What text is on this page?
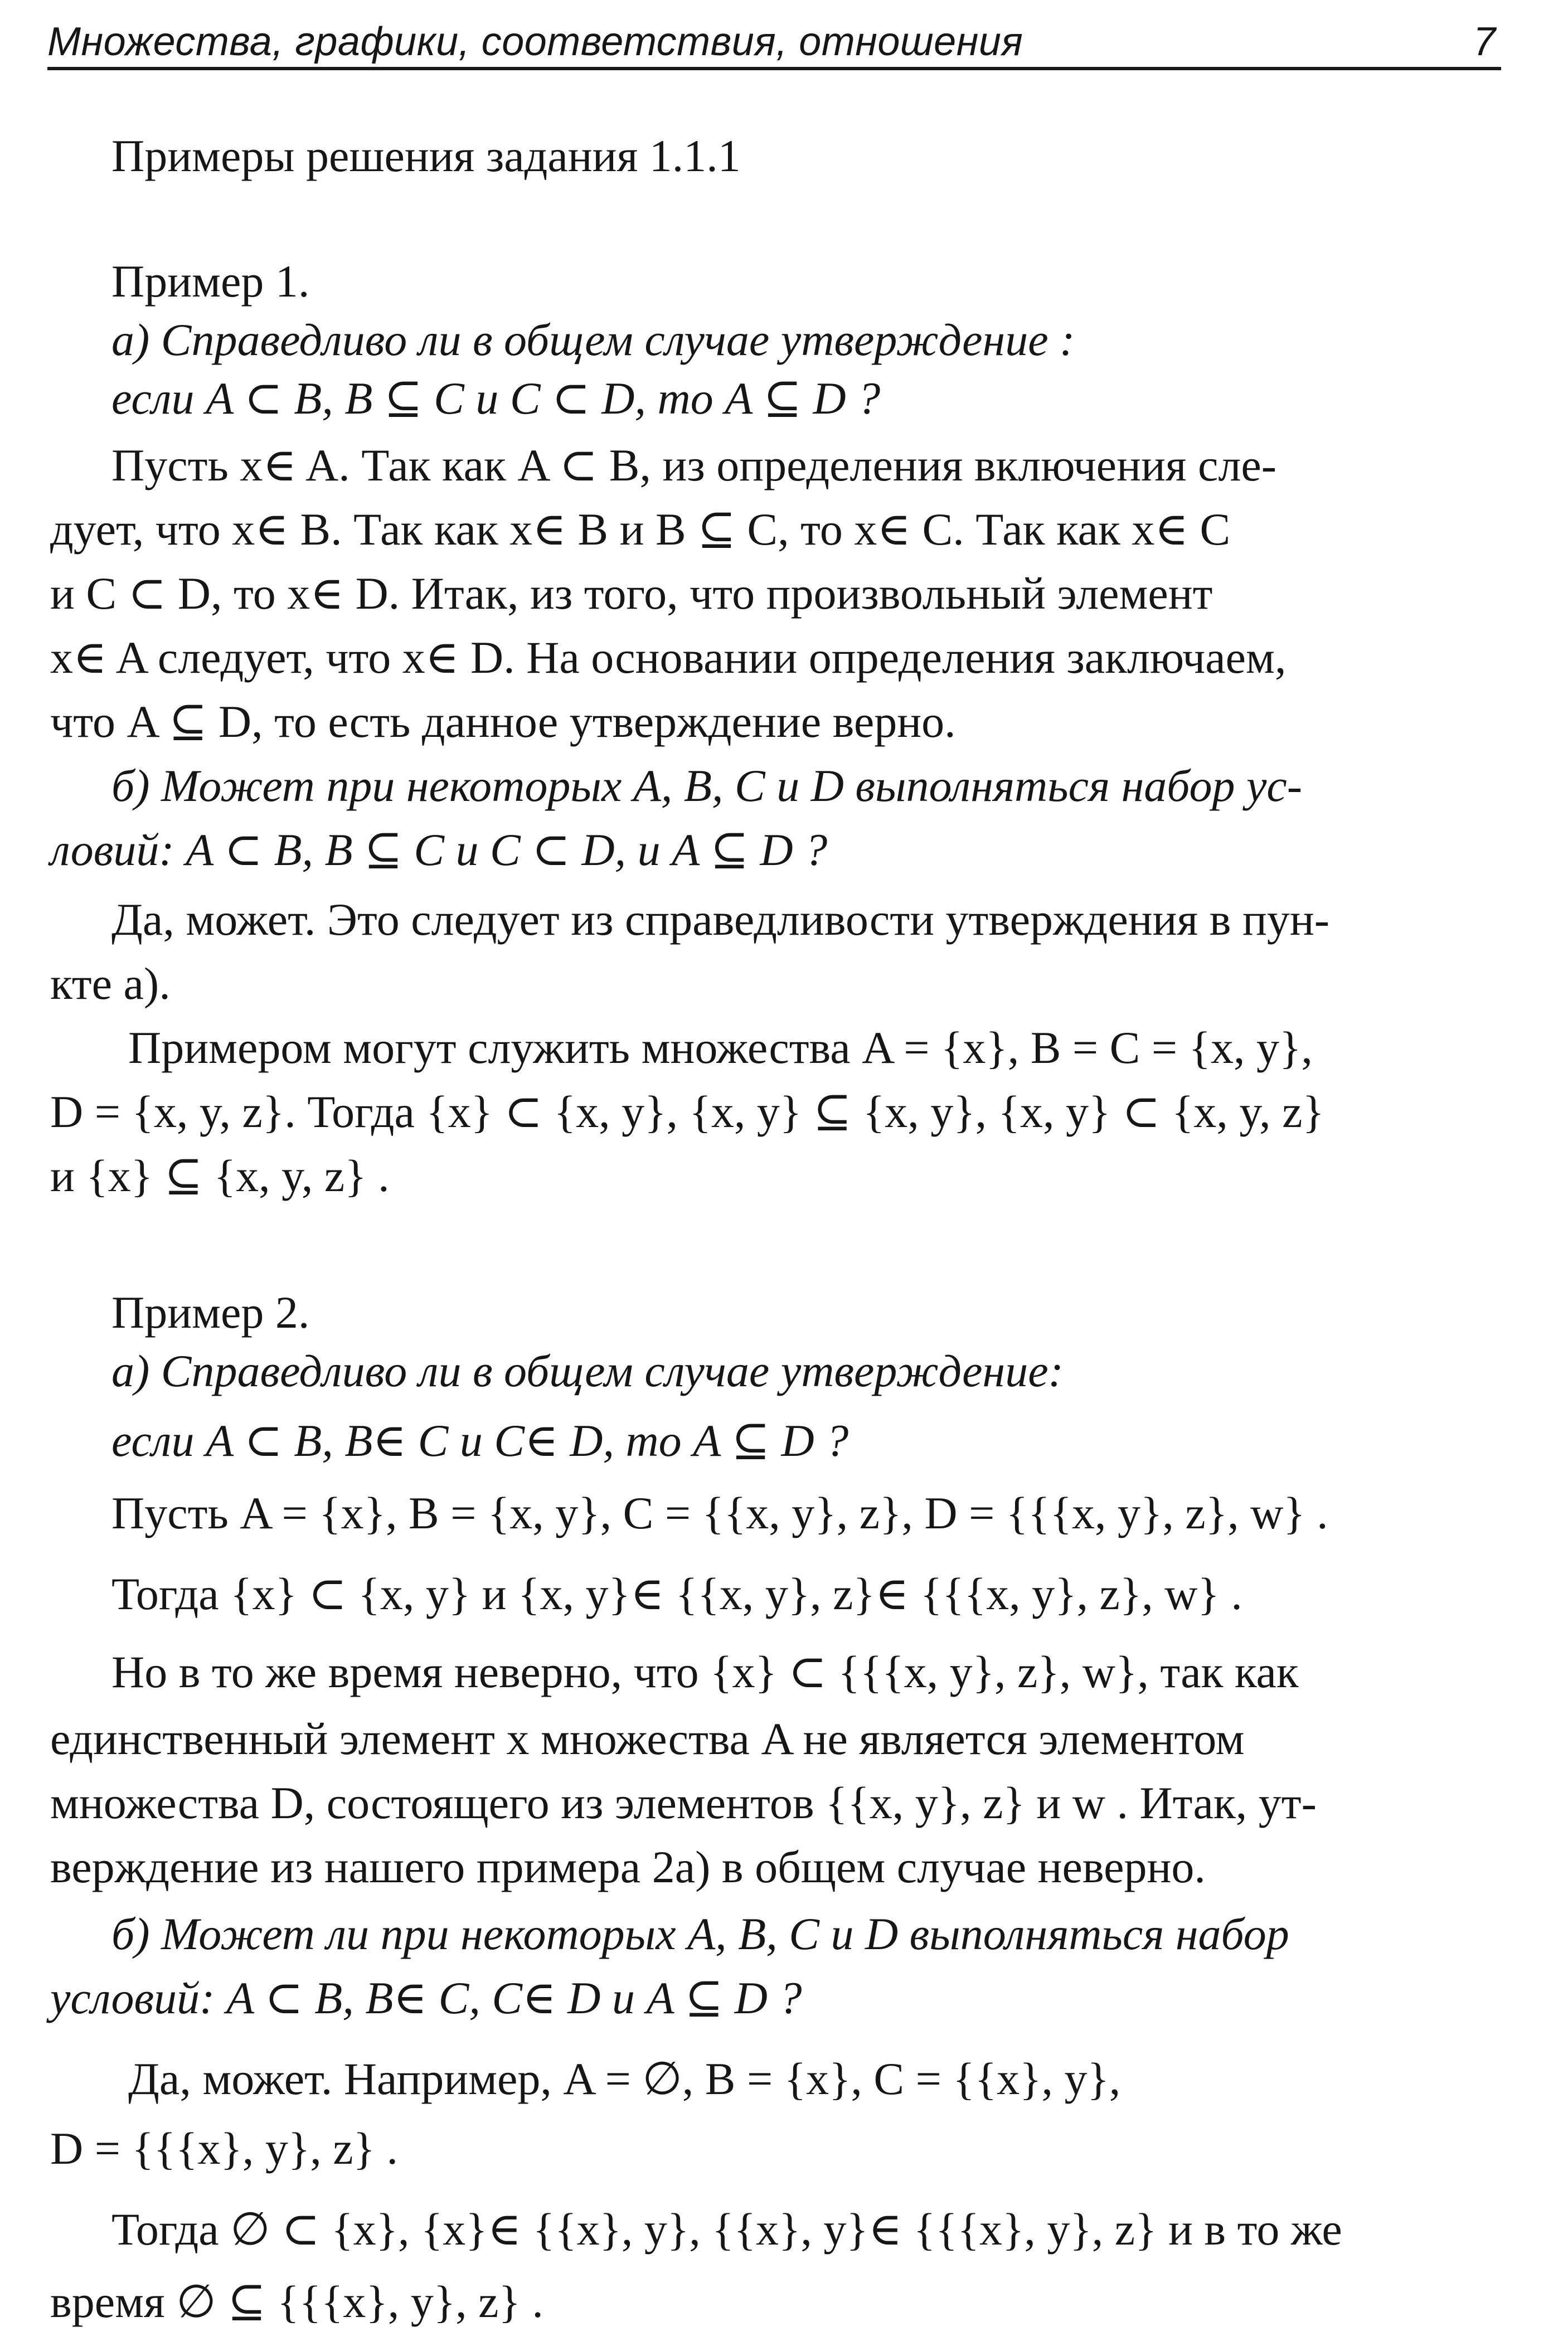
Множества, графики, соответствия, отношения	7
Примеры решения задания 1.1.1
Пример 1.
а) Справедливо ли в общем случае утверждение :
если A ⊂ B, B ⊆ C и C ⊂ D, то A ⊆ D ?
Пусть x∈ A. Так как A ⊂ B, из определения включения сле-
дует, что x∈ B. Так как x∈ B и B ⊆ C, то x∈ C. Так как x∈ C
и C ⊂ D, то x∈ D. Итак, из того, что произвольный элемент
x∈ A следует, что x∈ D. На основании определения заключаем,
что A ⊆ D, то есть данное утверждение верно.
б) Может при некоторых A, B, C и D выполняться набор ус-
ловий: A ⊂ B, B ⊆ C и C ⊂ D, и A ⊆ D ?
Да, может. Это следует из справедливости утверждения в пун-
кте а).
Примером могут служить множества A = {x}, B = C = {x, y},
D = {x, y, z}. Тогда {x} ⊂ {x, y}, {x, y} ⊆ {x, y}, {x, y} ⊂ {x, y, z}
и {x} ⊆ {x, y, z} .
Пример 2.
а) Справедливо ли в общем случае утверждение:
если A ⊂ B, B∈ C и C∈ D, то A ⊆ D ?
Пусть A = {x}, B = {x, y}, C = {{x, y}, z}, D = {{{x, y}, z}, w} .
Тогда {x} ⊂ {x, y} и {x, y}∈ {{x, y}, z}∈ {{{x, y}, z}, w} .
Но в то же время неверно, что {x} ⊂ {{{x, y}, z}, w}, так как
единственный элемент x множества A не является элементом
множества D, состоящего из элементов {{x, y}, z} и w . Итак, ут-
верждение из нашего примера 2а) в общем случае неверно.
б) Может ли при некоторых A, B, C и D выполняться набор
условий: A ⊂ B, B∈ C, C∈ D и A ⊆ D ?
Да, может. Например, A = ∅, B = {x}, C = {{x}, y},
D = {{{x}, y}, z} .
Тогда ∅ ⊂ {x}, {x}∈ {{x}, y}, {{x}, y}∈ {{{x}, y}, z} и в то же
время ∅ ⊆ {{{x}, y}, z} .
